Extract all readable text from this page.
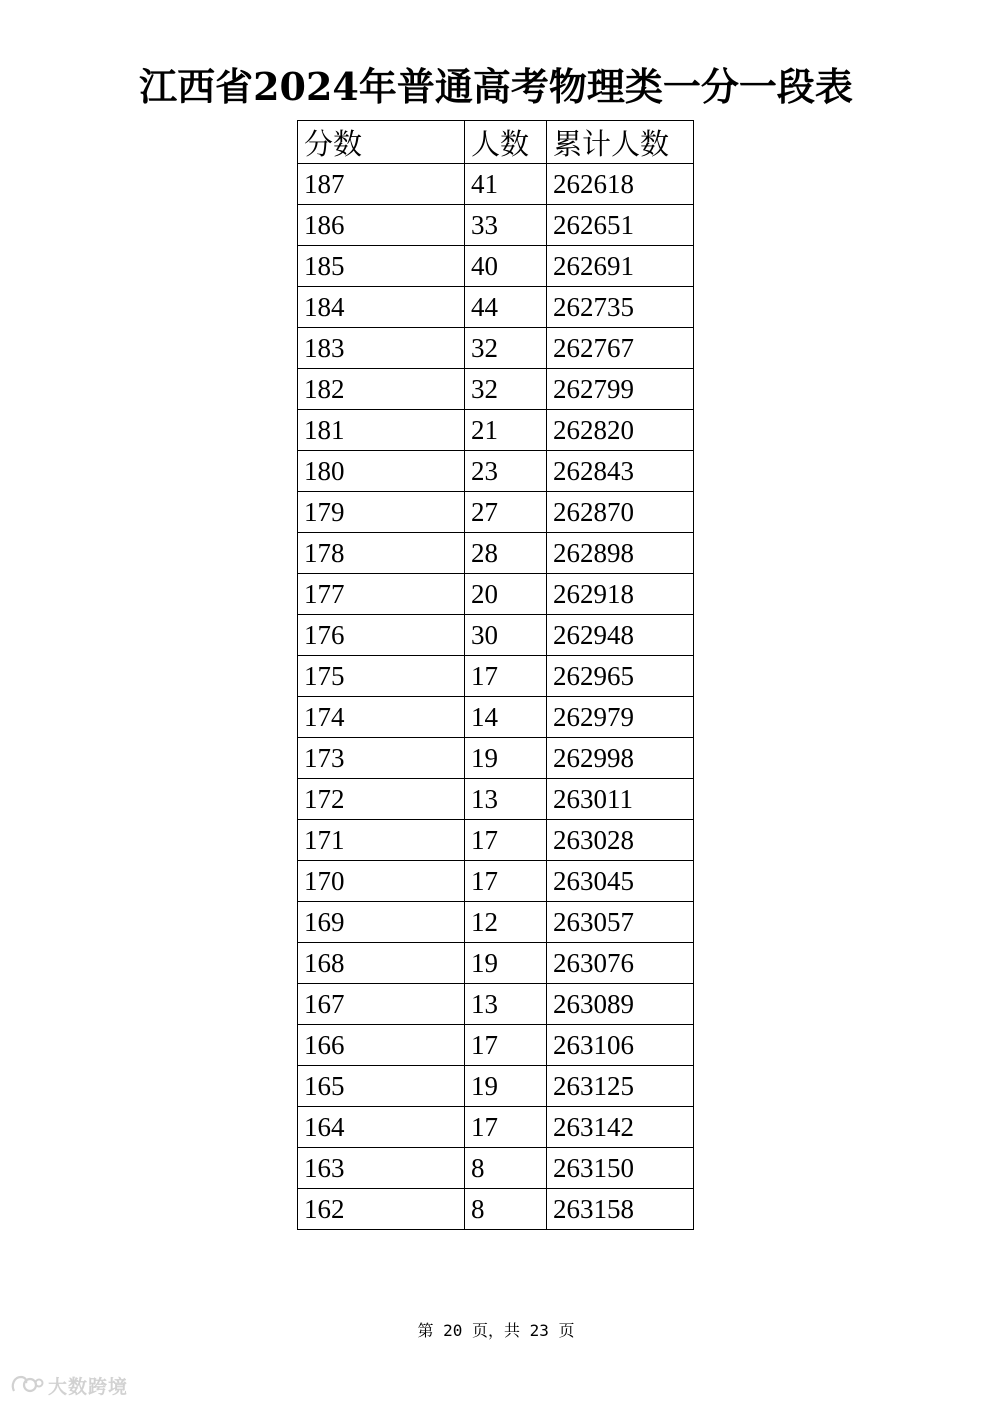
江西省2024年普通高考物理类一分一段表
分数	人数	累计人数
187	41	262618
186	33	262651
185	40	262691
184	44	262735
183	32	262767
182	32	262799
181	21	262820
180	23	262843
179	27	262870
178	28	262898
177	20	262918
176	30	262948
175	17	262965
174	14	262979
173	19	262998
172	13	263011
171	17	263028
170	17	263045
169	12	263057
168	19	263076
167	13	263089
166	17	263106
165	19	263125
164	17	263142
163	8	263150
162	8	263158
第 20 页，共 23 页
大数跨境
